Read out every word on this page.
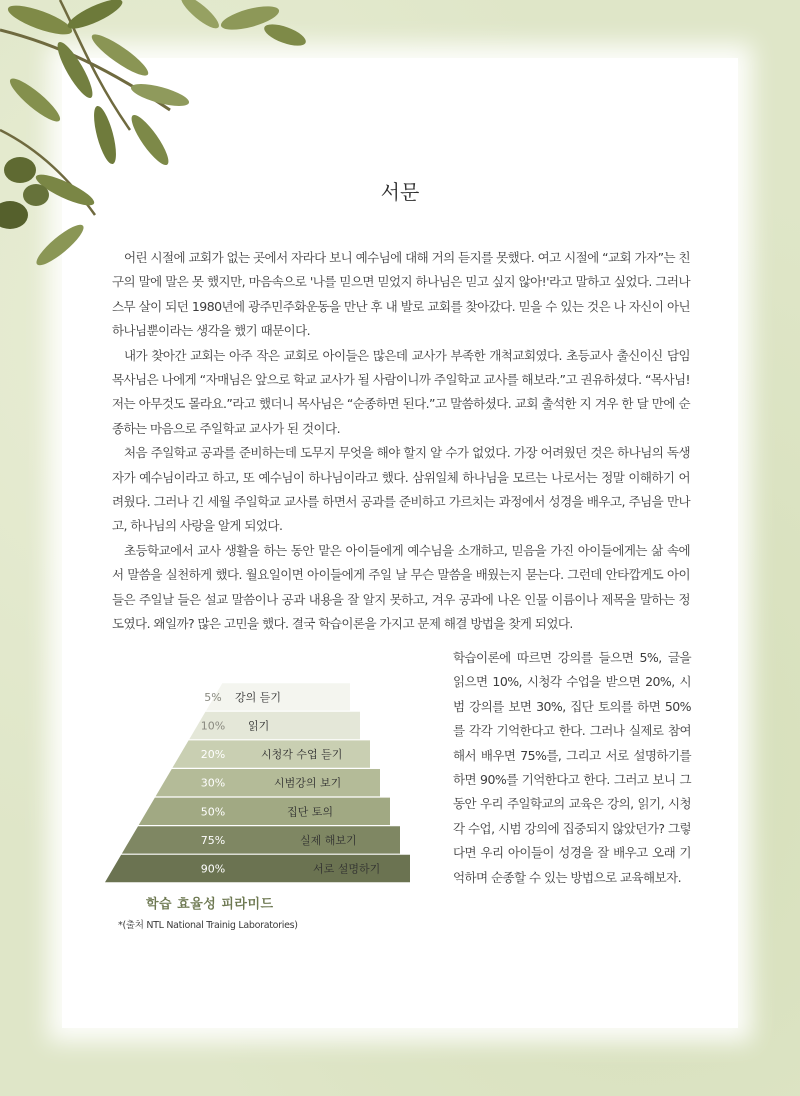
서문

어린 시절에 교회가 없는 곳에서 자라다 보니 예수님에 대해 거의 듣지를 못했다. 여고 시절에 “교회 가자”는 친구의 말에 말은 못 했지만, 마음속으로 '나를 믿으면 믿었지 하나님은 믿고 싶지 않아!'라고 말하고 싶었다. 그러나 스무 살이 되던 1980년에 광주민주화운동을 만난 후 내 발로 교회를 찾아갔다. 믿을 수 있는 것은 나 자신이 아닌 하나님뿐이라는 생각을 했기 때문이다.

내가 찾아간 교회는 아주 작은 교회로 아이들은 많은데 교사가 부족한 개척교회였다. 초등교사 출신이신 담임 목사님은 나에게 “자매님은 앞으로 학교 교사가 될 사람이니까 주일학교 교사를 해보라.”고 권유하셨다. “목사님! 저는 아무것도 몰라요.”라고 했더니 목사님은 “순종하면 된다.”고 말씀하셨다. 교회 출석한 지 겨우 한 달 만에 순종하는 마음으로 주일학교 교사가 된 것이다.

처음 주일학교 공과를 준비하는데 도무지 무엇을 해야 할지 알 수가 없었다. 가장 어려웠던 것은 하나님의 독생자가 예수님이라고 하고, 또 예수님이 하나님이라고 했다. 삼위일체 하나님을 모르는 나로서는 정말 이해하기 어려웠다. 그러나 긴 세월 주일학교 교사를 하면서 공과를 준비하고 가르치는 과정에서 성경을 배우고, 주님을 만나고, 하나님의 사랑을 알게 되었다.

초등학교에서 교사 생활을 하는 동안 맡은 아이들에게 예수님을 소개하고, 믿음을 가진 아이들에게는 삶 속에서 말씀을 실천하게 했다. 월요일이면 아이들에게 주일 날 무슨 말씀을 배웠는지 묻는다. 그런데 안타깝게도 아이들은 주일날 들은 설교 말씀이나 공과 내용을 잘 알지 못하고, 겨우 공과에 나온 인물 이름이나 제목을 말하는 정도였다. 왜일까? 많은 고민을 했다. 결국 학습이론을 가지고 문제 해결 방법을 찾게 되었다.

학습이론에 따르면 강의를 들으면 5%, 글을 읽으면 10%, 시청각 수업을 받으면 20%, 시범 강의를 보면 30%, 집단 토의를 하면 50%를 각각 기억한다고 한다. 그러나 실제로 참여해서 배우면 75%를, 그리고 서로 설명하기를 하면 90%를 기억한다고 한다. 그러고 보니 그동안 우리 주일학교의 교육은 강의, 읽기, 시청각 수업, 시범 강의에 집중되지 않았던가? 그렇다면 우리 아이들이 성경을 잘 배우고 오래 기억하며 순종할 수 있는 방법으로 교육해보자.

5% 강의 듣기
10% 읽기
20%	시청각 수업 듣기
30%	시범강의 보기
50%	집단 토의
75%	실제 해보기
90%	서로 설명하기

학습 효율성 피라미드

*(출처 NTL National Trainig Laboratories)
